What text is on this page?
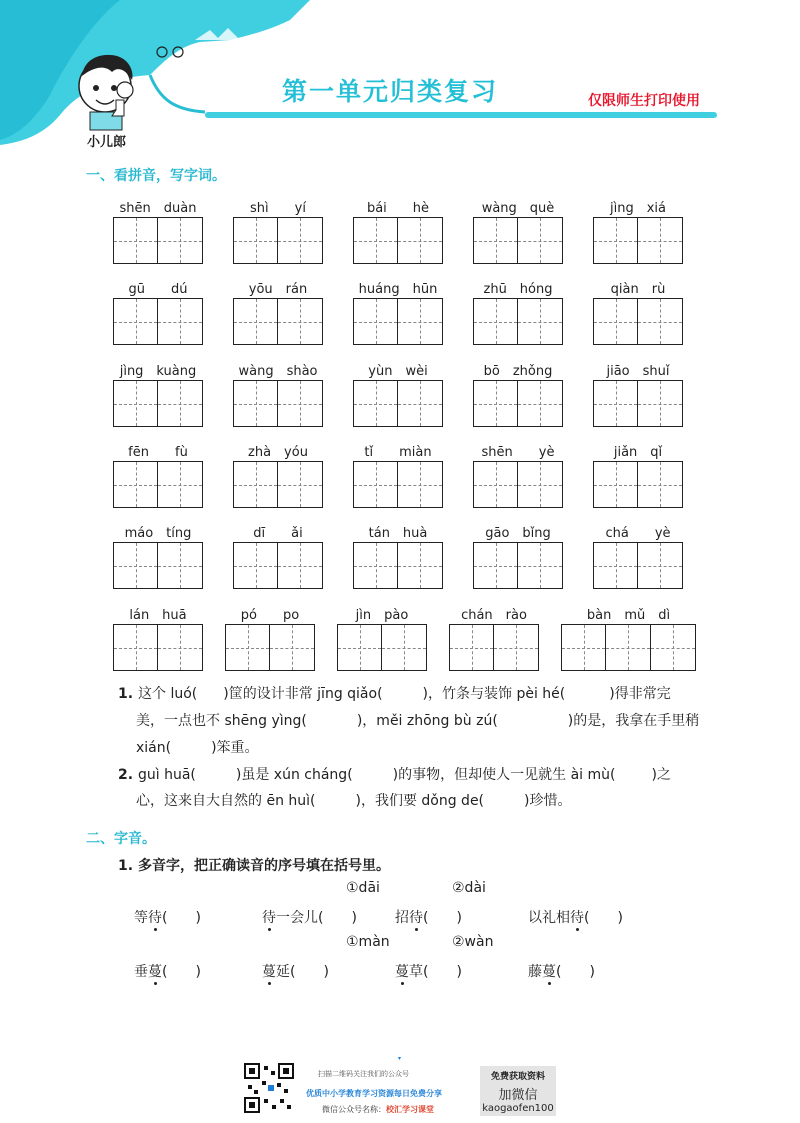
小儿郎
第一单元归类复习	仅限师生打印使用
一、看拼音，写字词。
shēn　duàn	shì　　yí	bái　　hè	wàng　què	jìng　xiá
gū　　dú	yōu　rán	huáng　hūn	zhū　hóng	qiàn　rù
jìng　kuàng	wàng　shào	yùn　wèi	bō　zhǒng	jiāo　shuǐ
fēn　　fù	zhà　yóu	tǐ　　miàn	shēn　　yè	jiǎn　qǐ
máo　tíng	dī　　ǎi	tán　huà	gāo　bǐng	chá　　yè
lán　huā	pó　　po	jìn　pào	chán　rào	bàn　mǔ　dì
1. 这个 luó( )筐的设计非常 jīng qiǎo(	)，竹条与装饰 pèi hé(	)得非常完
美，一点也不 shēng yìng(	)，měi zhōng bù zú(	)的是，我拿在手里稍
xián(	)笨重。
2. guì huā(	)虽是 xún cháng(	)的事物，但却使人一见就生 ài mù(	)之
心，这来自大自然的 ēn huì(	)，我们要 dǒng de(	)珍惜。
二、字音。
1. 多音字，把正确读音的序号填在括号里。
①dāi	②dài
等待(　　)	待一会儿(　　)	招待(　　)	以礼相待(　　)
①màn	②wàn
垂蔓(　　)	蔓延(　　)	蔓草(　　)	藤蔓(　　)
▾
扫描二维码关注我们的公众号
优质中小学教育学习资源每日免费分享
微信公众号名称：校汇学习课堂
免费获取资料
加微信
kaogaofen100
